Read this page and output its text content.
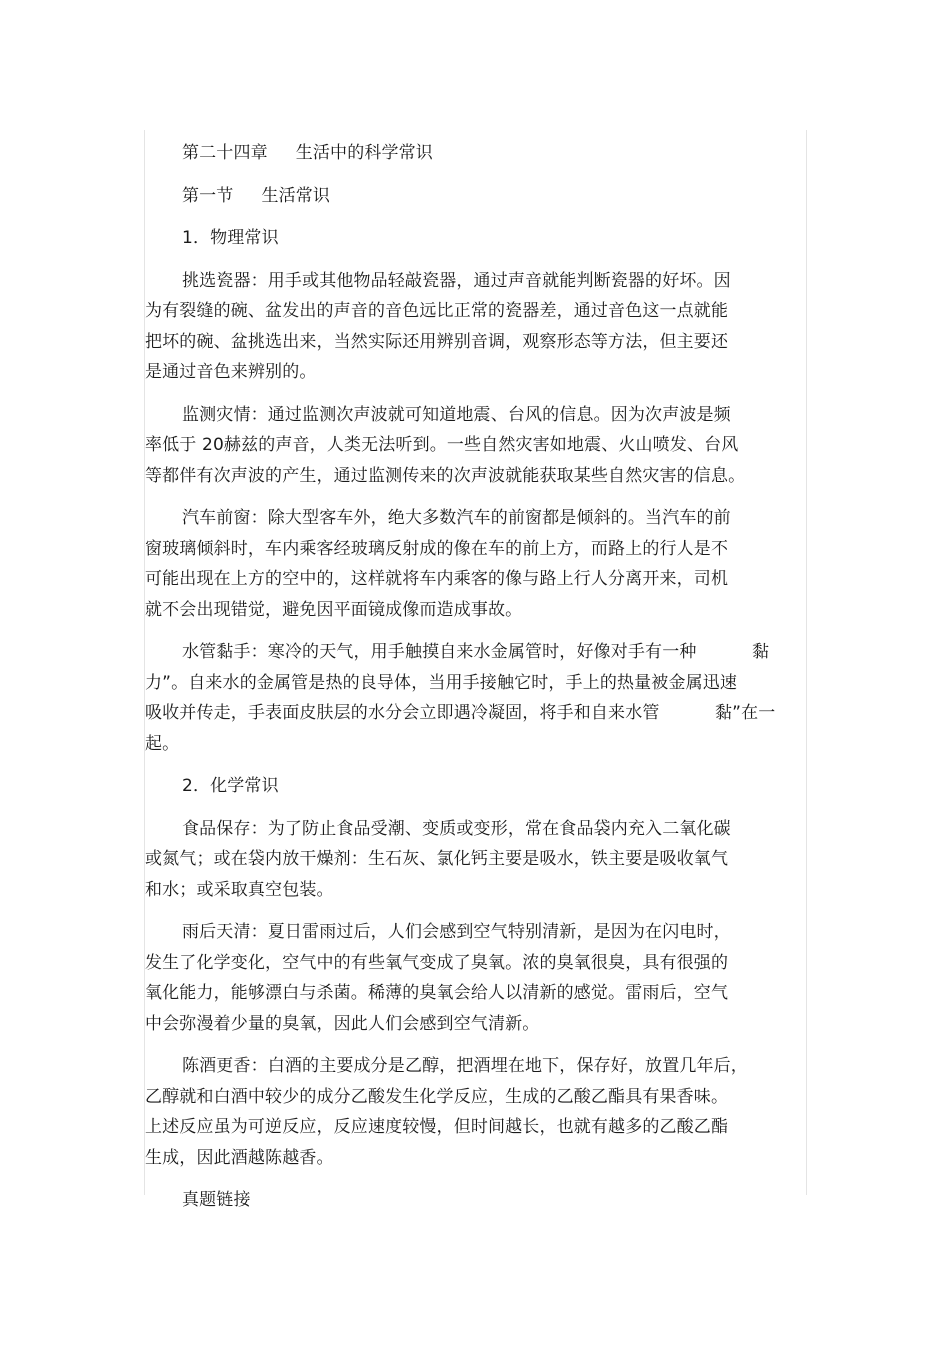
第二十四章 生活中的科学常识
第一节 生活常识
1．物理常识
挑选瓷器：用手或其他物品轻敲瓷器，通过声音就能判断瓷器的好坏。因
为有裂缝的碗、盆发出的声音的音色远比正常的瓷器差，通过音色这一点就能
把坏的碗、盆挑选出来，当然实际还用辨别音调，观察形态等方法，但主要还
是通过音色来辨别的。
监测灾情：通过监测次声波就可知道地震、台风的信息。因为次声波是频
率低于 20赫兹的声音，人类无法听到。一些自然灾害如地震、火山喷发、台风
等都伴有次声波的产生，通过监测传来的次声波就能获取某些自然灾害的信息。
汽车前窗：除大型客车外，绝大多数汽车的前窗都是倾斜的。当汽车的前
窗玻璃倾斜时，车内乘客经玻璃反射成的像在车的前上方，而路上的行人是不
可能出现在上方的空中的，这样就将车内乘客的像与路上行人分离开来，司机
就不会出现错觉，避免因平面镜成像而造成事故。
水管黏手：寒冷的天气，用手触摸自来水金属管时，好像对手有一种          黏
力”。自来水的金属管是热的良导体，当用手接触它时，手上的热量被金属迅速
吸收并传走，手表面皮肤层的水分会立即遇冷凝固，将手和自来水管          黏”在一
起。
2．化学常识
食品保存：为了防止食品受潮、变质或变形，常在食品袋内充入二氧化碳
或氮气；或在袋内放干燥剂：生石灰、氯化钙主要是吸水，铁主要是吸收氧气
和水；或采取真空包装。
雨后天清：夏日雷雨过后，人们会感到空气特别清新，是因为在闪电时，
发生了化学变化，空气中的有些氧气变成了臭氧。浓的臭氧很臭，具有很强的
氧化能力，能够漂白与杀菌。稀薄的臭氧会给人以清新的感觉。雷雨后，空气
中会弥漫着少量的臭氧，因此人们会感到空气清新。
陈酒更香：白酒的主要成分是乙醇，把酒埋在地下，保存好，放置几年后，
乙醇就和白酒中较少的成分乙酸发生化学反应，生成的乙酸乙酯具有果香味。
上述反应虽为可逆反应，反应速度较慢，但时间越长，也就有越多的乙酸乙酯
生成，因此酒越陈越香。
真题链接
